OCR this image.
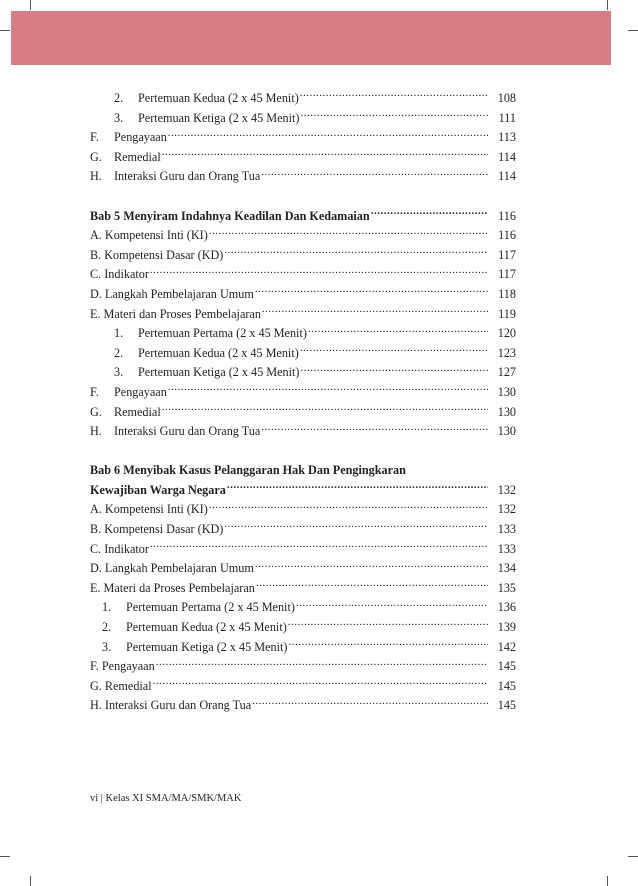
2. Pertemuan Kedua (2 x 45 Menit) .....	108
3. Pertemuan Ketiga (2 x 45 Menit) .....	111
F. Pengayaan .....	113
G. Remedial .....	114
H. Interaksi Guru dan Orang Tua .....	114
Bab 5 Menyiram Indahnya Keadilan Dan Kedamaian .....	116
A. Kompetensi Inti (KI) .....	116
B. Kompetensi Dasar (KD) .....	117
C. Indikator .....	117
D. Langkah Pembelajaran Umum .....	118
E. Materi dan Proses Pembelajaran .....	119
1. Pertemuan Pertama (2 x 45 Menit) .....	120
2. Pertemuan Kedua (2 x 45 Menit) .....	123
3. Pertemuan Ketiga (2 x 45 Menit) .....	127
F. Pengayaan .....	130
G. Remedial .....	130
H. Interaksi Guru dan Orang Tua .....	130
Bab 6 Menyibak Kasus Pelanggaran Hak Dan Pengingkaran
Kewajiban Warga Negara .....	132
A. Kompetensi Inti (KI) .....	132
B. Kompetensi Dasar (KD) .....	133
C. Indikator .....	133
D. Langkah Pembelajaran Umum .....	134
E. Materi da Proses Pembelajaran .....	135
1. Pertemuan Pertama (2 x 45 Menit) .....	136
2. Pertemuan Kedua (2 x 45 Menit) .....	139
3. Pertemuan Ketiga (2 x 45 Menit) .....	142
F. Pengayaan .....	145
G. Remedial .....	145
H. Interaksi Guru dan Orang Tua .....	145
vi | Kelas XI SMA/MA/SMK/MAK
